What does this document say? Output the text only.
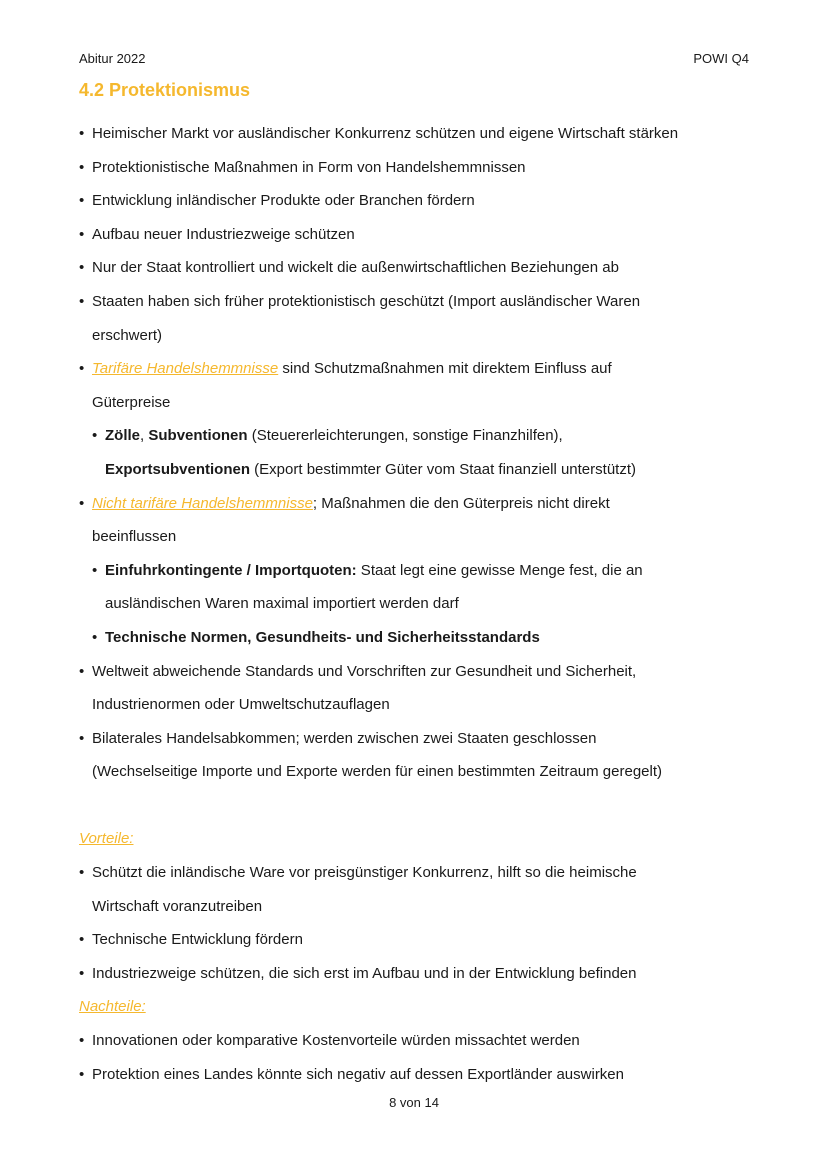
Abitur 2022	POWI Q4
4.2 Protektionismus
• Heimischer Markt vor ausländischer Konkurrenz schützen und eigene Wirtschaft stärken
• Protektionistische Maßnahmen in Form von Handelshemmnissen
• Entwicklung inländischer Produkte oder Branchen fördern
• Aufbau neuer Industriezweige schützen
• Nur der Staat kontrolliert und wickelt die außenwirtschaftlichen Beziehungen ab
• Staaten haben sich früher protektionistisch geschützt (Import ausländischer Waren
erschwert)
• Tarifäre Handelshemmnisse sind Schutzmaßnahmen mit direktem Einfluss auf
Güterpreise
• Zölle, Subventionen (Steuererleichterungen, sonstige Finanzhilfen),
Exportsubventionen (Export bestimmter Güter vom Staat finanziell unterstützt)
• Nicht tarifäre Handelshemmnisse; Maßnahmen die den Güterpreis nicht direkt
beeinflussen
• Einfuhrkontingente / Importquoten: Staat legt eine gewisse Menge fest, die an
ausländischen Waren maximal importiert werden darf
• Technische Normen, Gesundheits- und Sicherheitsstandards
• Weltweit abweichende Standards und Vorschriften zur Gesundheit und Sicherheit,
Industrienormen oder Umweltschutzauflagen
• Bilaterales Handelsabkommen; werden zwischen zwei Staaten geschlossen
(Wechselseitige Importe und Exporte werden für einen bestimmten Zeitraum geregelt)
Vorteile:
• Schützt die inländische Ware vor preisgünstiger Konkurrenz, hilft so die heimische
Wirtschaft voranzutreiben
• Technische Entwicklung fördern
• Industriezweige schützen, die sich erst im Aufbau und in der Entwicklung befinden
Nachteile:
• Innovationen oder komparative Kostenvorteile würden missachtet werden
• Protektion eines Landes könnte sich negativ auf dessen Exportländer auswirken
8 von 14
